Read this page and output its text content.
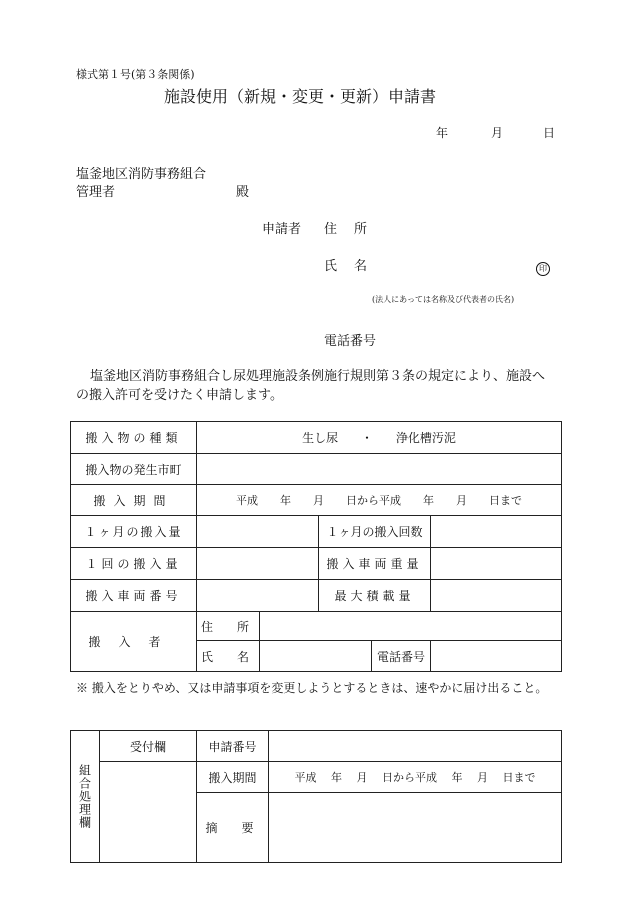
様式第１号(第３条関係)
施設使用（新規・変更・更新）申請書
年	月	日
塩釜地区消防事務組合
管理者	殿
申請者 住　所
氏　名	印
(法人にあっては名称及び代表者の氏名)
電話番号
塩釜地区消防事務組合し尿処理施設条例施行規則第３条の規定により、施設へ
の搬入許可を受けたく申請します。
搬入物の種類	生し尿 ・ 浄化槽汚泥			
搬入物の発生市町				
搬入期間	平成　　年　　月　　日から平成　　年　　月　　日まで			
１ヶ月の搬入量			１ヶ月の搬入回数	
１回の搬入量			搬入車両重量	
搬入車両番号			最大積載量	
搬入者	住　所			
	氏　名	電話番号		

※ 搬入をとりやめ、又は申請事項を変更しようとするときは、速やかに届け出ること。
組合処理欄	受付欄	申請番号	
		搬入期間	平成　 年　 月　 日から平成　 年　 月　 日まで
		摘　要	
